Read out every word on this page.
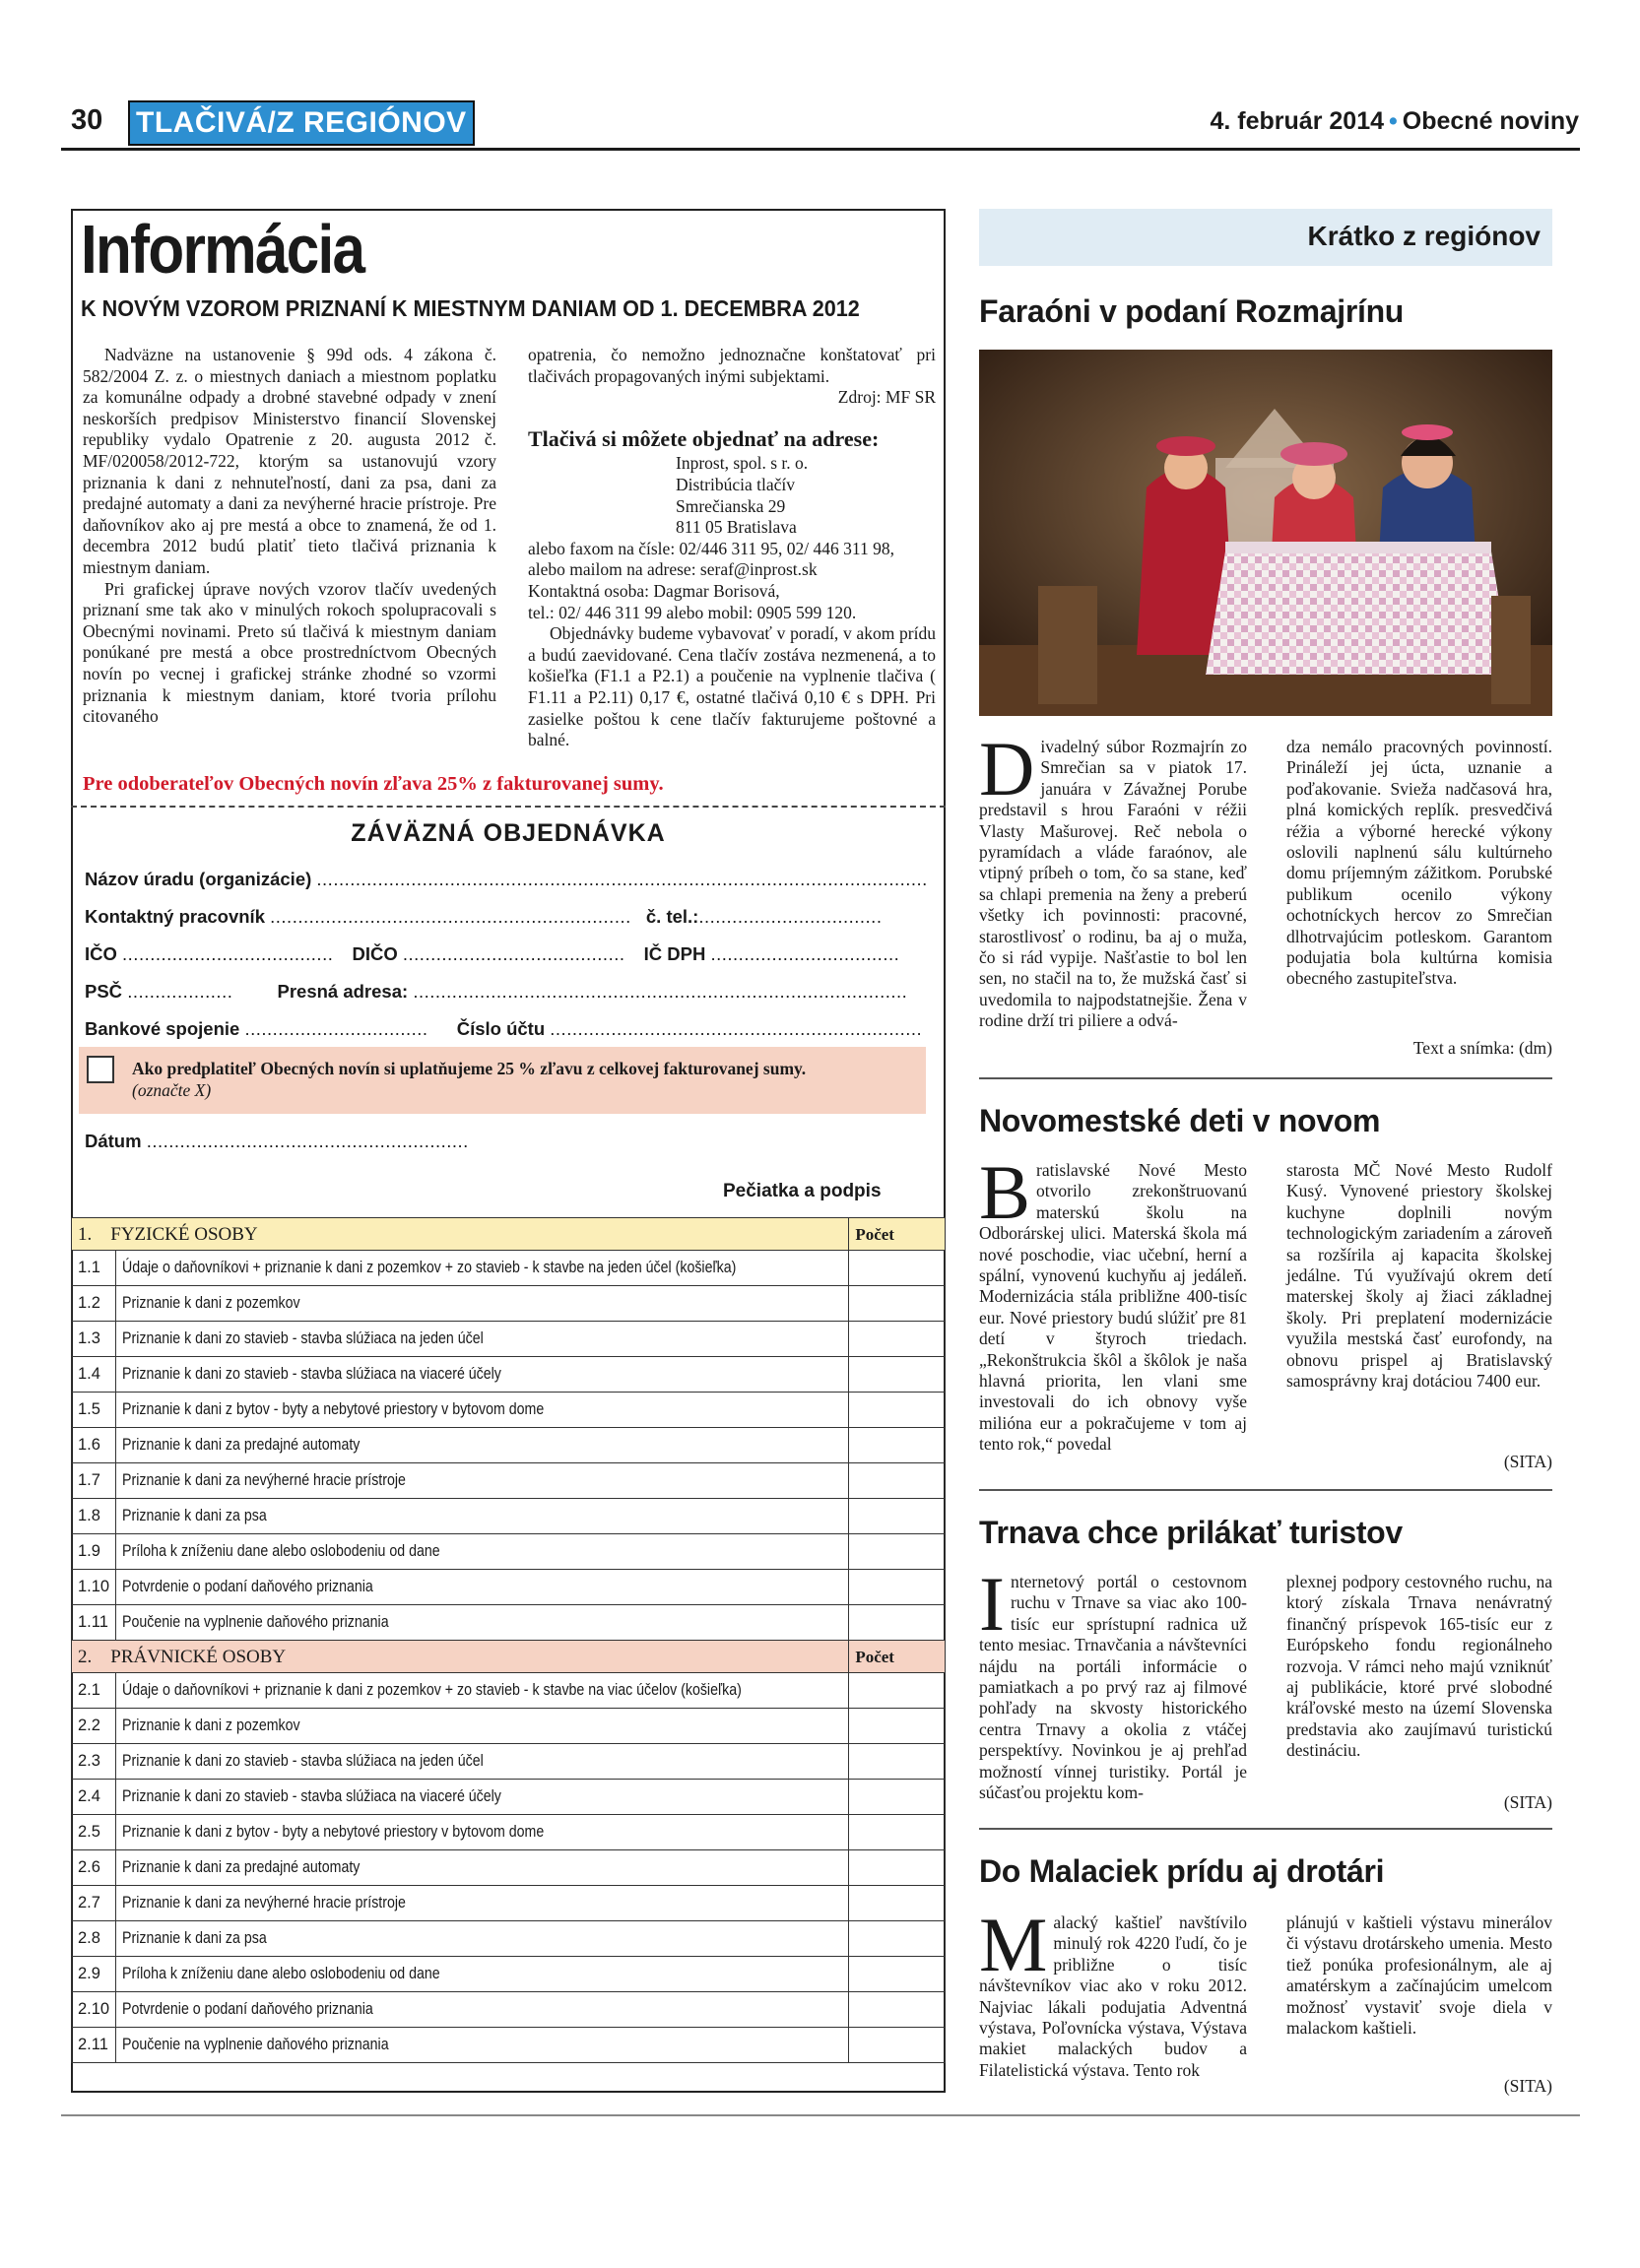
30 TLAČIVÁ/Z REGIÓNOV	4. február 2014 • Obecné noviny
Informácia
K NOVÝM VZOROM PRIZNANÍ K MIESTNYM DANIAM OD 1. DECEMBRA 2012

Nadväzne na ustanovenie § 99d ods. 4 zákona č. 582/2004 Z. z. o miestnych daniach a miestnom poplatku za komunálne odpady a drobné stavebné odpady v znení neskorších predpisov Ministerstvo financií Slovenskej republiky vydalo Opatrenie z 20. augusta 2012 č. MF/020058/2012-722, ktorým sa ustanovujú vzory priznania k dani z nehnuteľností, dani za psa, dani za predajné automaty a dani za nevýherné hracie prístroje. Pre daňovníkov ako aj pre mestá a obce to znamená, že od 1. decembra 2012 budú platiť tieto tlačivá priznania k miestnym daniam.

Pri grafickej úprave nových vzorov tlačív uvedených priznaní sme tak ako v minulých rokoch spolupracovali s Obecnými novinami. Preto sú tlačivá k miestnym daniam ponúkané pre mestá a obce prostredníctvom Obecných novín po vecnej i grafickej stránke zhodné so vzormi priznania k miestnym daniam, ktoré tvoria prílohu citovaného

opatrenia, čo nemožno jednoznačne konštatovať pri tlačivách propagovaných inými subjektami.

Zdroj: MF SR

Tlačivá si môžete objednať na adrese:

Inprost, spol. s r. o.

Distribúcia tlačív

Smrečianska 29

811 05 Bratislava

alebo faxom na čísle: 02/446 311 95, 02/ 446 311 98,

alebo mailom na adrese: seraf@inprost.sk

Kontaktná osoba: Dagmar Borisová,

tel.: 02/ 446 311 99 alebo mobil: 0905 599 120.

Objednávky budeme vybavovať v poradí, v akom prídu a budú zaevidované. Cena tlačív zostáva nezmenená, a to košieľka (F1.1 a P2.1) a poučenie na vyplnenie tlačiva ( F1.11 a P2.11) 0,17 €, ostatné tlačivá 0,10 € s DPH. Pri zasielke poštou k cene tlačív fakturujeme poštovné a balné.

Pre odoberateľov Obecných novín zľava 25% z fakturovanej sumy.
ZÁVÄZNÁ OBJEDNÁVKA
Názov úradu (organizácie) ..............................................................................................................
Kontaktný pracovník ................................................................. č. tel.:.................................
IČO ...................................... DIČO ........................................ IČ DPH ..................................
PSČ ................... Presná adresa: .........................................................................................
Bankové spojenie ................................. Číslo účtu ...................................................................
Ako predplatiteľ Obecných novín si uplatňujeme 25 % zľavu z celkovej fakturovanej sumy.
(označte X)
Dátum ..........................................................
Pečiatka a podpis
1. FYZICKÉ OSOBY		Počet
1.1	Údaje o daňovníkovi + priznanie k dani z pozemkov + zo stavieb - k stavbe na jeden účel (košieľka)	
1.2	Priznanie k dani z pozemkov	
1.3	Priznanie k dani zo stavieb - stavba slúžiaca na jeden účel	
1.4	Priznanie k dani zo stavieb - stavba slúžiaca na viaceré účely	
1.5	Priznanie k dani z bytov - byty a nebytové priestory v bytovom dome	
1.6	Priznanie k dani za predajné automaty	
1.7	Priznanie k dani za nevýherné hracie prístroje	
1.8	Priznanie k dani za psa	
1.9	Príloha k zníženiu dane alebo oslobodeniu od dane	
1.10	Potvrdenie o podaní daňového priznania	
1.11	Poučenie na vyplnenie daňového priznania	
2. PRÁVNICKÉ OSOBY		Počet
2.1	Údaje o daňovníkovi + priznanie k dani z pozemkov + zo stavieb - k stavbe na viac účelov (košieľka)	
2.2	Priznanie k dani z pozemkov	
2.3	Priznanie k dani zo stavieb - stavba slúžiaca na jeden účel	
2.4	Priznanie k dani zo stavieb - stavba slúžiaca na viaceré účely	
2.5	Priznanie k dani z bytov - byty a nebytové priestory v bytovom dome	
2.6	Priznanie k dani za predajné automaty	
2.7	Priznanie k dani za nevýherné hracie prístroje	
2.8	Priznanie k dani za psa	
2.9	Príloha k zníženiu dane alebo oslobodeniu od dane	
2.10	Potvrdenie o podaní daňového priznania	
2.11	Poučenie na vyplnenie daňového priznania	
Krátko z regiónov
Faraóni v podaní Rozmajrínu
Divadelný súbor Rozmajrín zo Smrečian sa v piatok 17. januára v Závažnej Porube predstavil s hrou Faraóni v réžii Vlasty Mašurovej. Reč nebola o pyramídach a vláde faraónov, ale vtipný príbeh o tom, čo sa stane, keď sa chlapi premenia na ženy a preberú všetky ich povinnosti: pracovné, starostlivosť o rodinu, ba aj o muža, čo si rád vypije. Našťastie to bol len sen, no stačil na to, že mužská časť si uvedomila to najpodstatnejšie. Žena v rodine drží tri piliere a odvá-
dza nemálo pracovných povinností. Prináleží jej úcta, uznanie a poďakovanie. Svieža nadčasová hra, plná komických replík. presvedčivá réžia a výborné herecké výkony oslovili naplnenú sálu kultúrneho domu príjemným zážitkom. Porubské publikum ocenilo výkony ochotníckych hercov zo Smrečian dlhotrvajúcim potleskom. Garantom podujatia bola kultúrna komisia obecného zastupiteľstva.
Text a snímka: (dm)
Novomestské deti v novom
Bratislavské Nové Mesto otvorilo zrekonštruovanú materskú školu na Odborárskej ulici. Materská škola má nové poschodie, viac učební, herní a spální, vynovenú kuchyňu aj jedáleň. Modernizácia stála približne 400-tisíc eur. Nové priestory budú slúžiť pre 81 detí v štyroch triedach. „Rekonštrukcia škôl a škôlok je naša hlavná priorita, len vlani sme investovali do ich obnovy vyše milióna eur a pokračujeme v tom aj tento rok,“ povedal
starosta MČ Nové Mesto Rudolf Kusý. Vynovené priestory školskej kuchyne doplnili novým technologickým zariadením a zároveň sa rozšírila aj kapacita školskej jedálne. Tú využívajú okrem detí materskej školy aj žiaci základnej školy. Pri preplatení modernizácie využila mestská časť eurofondy, na obnovu prispel aj Bratislavský samosprávny kraj dotáciou 7400 eur.
(SITA)
Trnava chce prilákať turistov
Internetový portál o cestovnom ruchu v Trnave sa viac ako 100-tisíc eur sprístupní radnica už tento mesiac. Trnavčania a návštevníci nájdu na portáli informácie o pamiatkach a po prvý raz aj filmové pohľady na skvosty historického centra Trnavy a okolia z vtáčej perspektívy. Novinkou je aj prehľad možností vínnej turistiky. Portál je súčasťou projektu kom-
plexnej podpory cestovného ruchu, na ktorý získala Trnava nenávratný finančný príspevok 165-tisíc eur z Európskeho fondu regionálneho rozvoja. V rámci neho majú vzniknúť aj publikácie, ktoré prvé slobodné kráľovské mesto na území Slovenska predstavia ako zaujímavú turistickú destináciu.
(SITA)
Do Malaciek prídu aj drotári
Malacký kaštieľ navštívilo minulý rok 4220 ľudí, čo je približne o tisíc návštevníkov viac ako v roku 2012. Najviac lákali podujatia Adventná výstava, Poľovnícka výstava, Výstava makiet malackých budov a Filatelistická výstava. Tento rok
plánujú v kaštieli výstavu minerálov či výstavu drotárskeho umenia. Mesto tiež ponúka profesionálnym, ale aj amatérskym a začínajúcim umelcom možnosť vystaviť svoje diela v malackom kaštieli.
(SITA)
